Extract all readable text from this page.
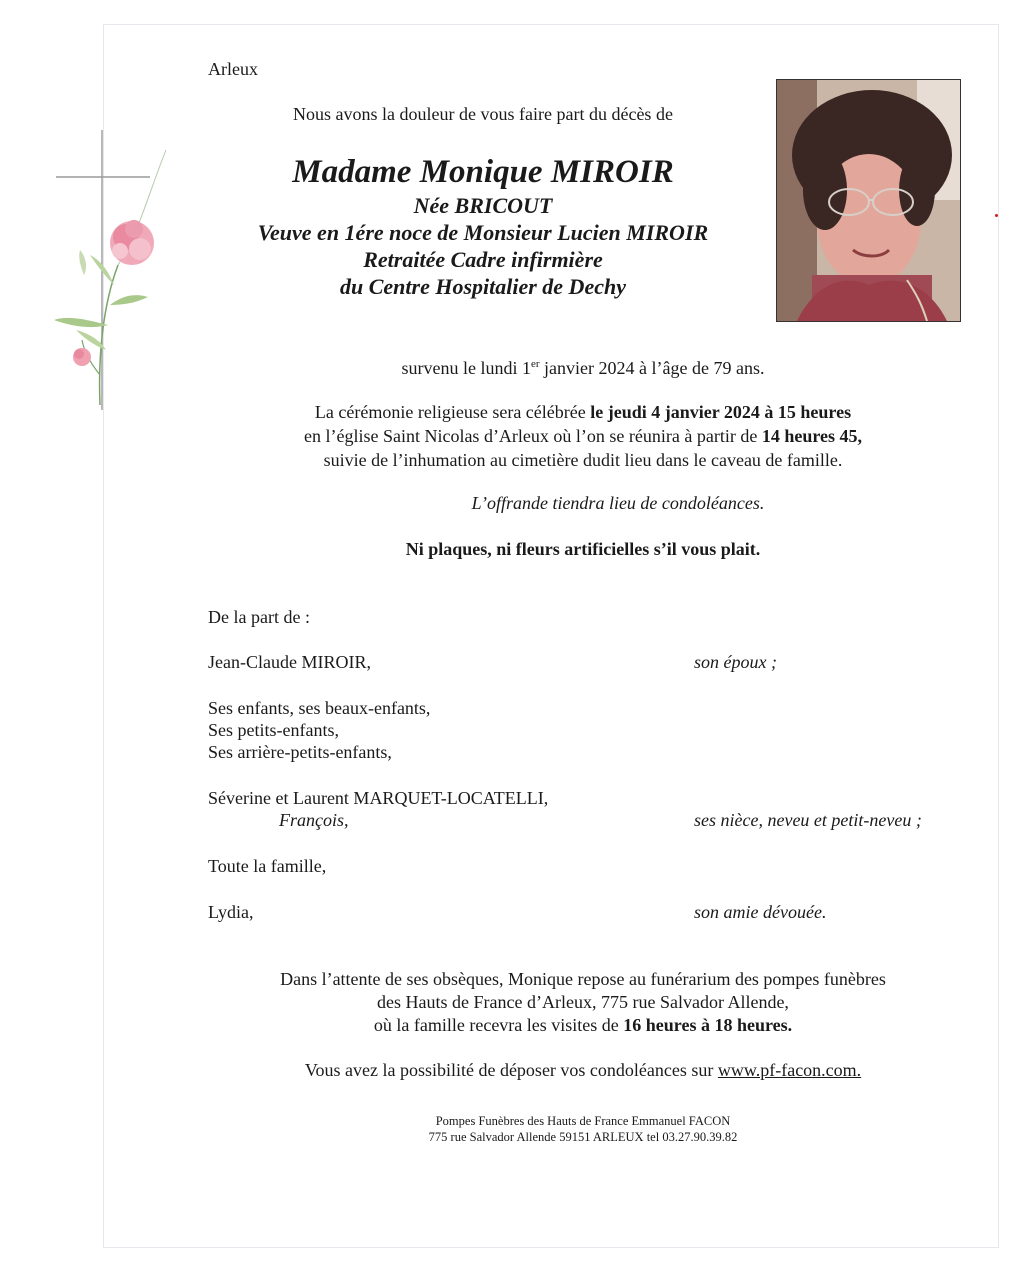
Arleux
Nous avons la douleur de vous faire part du décès de
Madame Monique MIROIR
Née BRICOUT
Veuve en 1ére noce de Monsieur Lucien MIROIR
Retraitée Cadre infirmière
du Centre Hospitalier de Dechy
survenu le lundi 1er janvier 2024 à l’âge de 79 ans.
La cérémonie religieuse sera célébrée le jeudi 4 janvier 2024 à 15 heures
en l’église Saint Nicolas d’Arleux où l’on se réunira à partir de 14 heures 45,
suivie de l’inhumation au cimetière dudit lieu dans le caveau de famille.
L’offrande tiendra lieu de condoléances.
Ni plaques, ni fleurs artificielles s’il vous plait.
De la part de :
Jean-Claude MIROIR,	son époux ;
Ses enfants, ses beaux-enfants,
Ses petits-enfants,
Ses arrière-petits-enfants,
Séverine et Laurent MARQUET-LOCATELLI,
François,	ses nièce, neveu et petit-neveu ;
Toute la famille,
Lydia,	son amie dévouée.
Dans l’attente de ses obsèques, Monique repose au funérarium des pompes funèbres
des Hauts de France d’Arleux, 775 rue Salvador Allende,
où la famille recevra les visites de 16 heures à 18 heures.
Vous avez la possibilité de déposer vos condoléances sur www.pf-facon.com.
Pompes Funèbres des Hauts de France Emmanuel FACON
775 rue Salvador Allende 59151 ARLEUX tel 03.27.90.39.82
